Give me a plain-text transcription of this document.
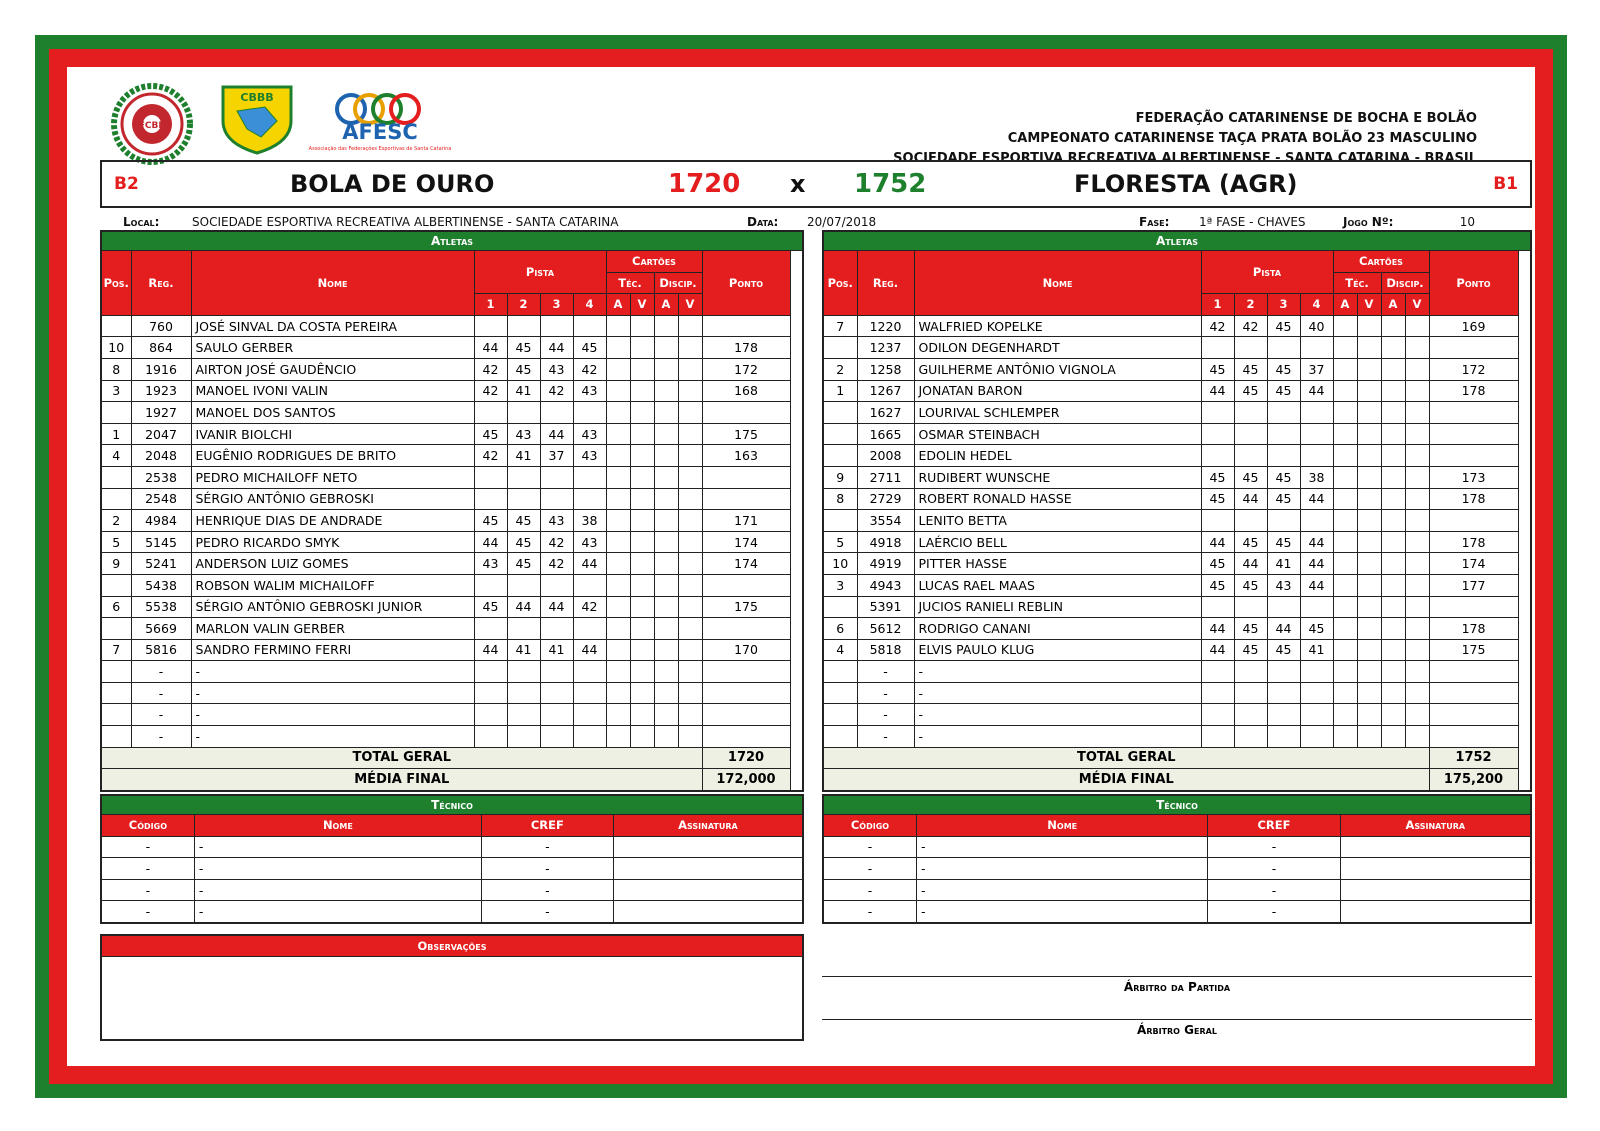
FCBB
CBBB
AFESC
Associação das Federações Esportivas de Santa Catarina
FEDERAÇÃO CATARINENSE DE BOCHA E BOLÃO
CAMPEONATO CATARINENSE TAÇA PRATA BOLÃO 23 MASCULINO
SOCIEDADE ESPORTIVA RECREATIVA ALBERTINENSE - SANTA CATARINA - BRASIL
B2	BOLA DE OURO	1720 x 1752	FLORESTA (AGR)	B1
Local:	SOCIEDADE ESPORTIVA RECREATIVA ALBERTINENSE - SANTA CATARINA	Data: 20/07/2018	Fase: 1ª FASE - CHAVES	Jogo Nº:	10
Atletas											
Pos.	Reg.	Nome	Pista				Cartões				Ponto
							Téc.		Discip.		
			1	2	3	4	A	V	A	V	
	760	JOSÉ SINVAL DA COSTA PEREIRA									
10	864	SAULO GERBER	44	45	44	45					178
8	1916	AIRTON JOSÉ GAUDÊNCIO	42	45	43	42					172
3	1923	MANOEL IVONI VALIN	42	41	42	43					168
	1927	MANOEL DOS SANTOS									
1	2047	IVANIR BIOLCHI	45	43	44	43					175
4	2048	EUGÊNIO RODRIGUES DE BRITO	42	41	37	43					163
	2538	PEDRO MICHAILOFF NETO									
	2548	SÉRGIO ANTÔNIO GEBROSKI									
2	4984	HENRIQUE DIAS DE ANDRADE	45	45	43	38					171
5	5145	PEDRO RICARDO SMYK	44	45	42	43					174
9	5241	ANDERSON LUIZ GOMES	43	45	42	44					174
	5438	ROBSON WALIM MICHAILOFF									
6	5538	SÉRGIO ANTÔNIO GEBROSKI JUNIOR	45	44	44	42					175
	5669	MARLON VALIN GERBER									
7	5816	SANDRO FERMINO FERRI	44	41	41	44					170
	-	-									
	-	-									
	-	-									
	-	-									
TOTAL GERAL											1720
MÉDIA FINAL											172,000
Atletas											
Pos.	Reg.	Nome	Pista				Cartões				Ponto
							Téc.		Discip.		
			1	2	3	4	A	V	A	V	
7	1220	WALFRIED KOPELKE	42	42	45	40					169
	1237	ODILON DEGENHARDT									
2	1258	GUILHERME ANTÔNIO VIGNOLA	45	45	45	37					172
1	1267	JONATAN BARON	44	45	45	44					178
	1627	LOURIVAL SCHLEMPER									
	1665	OSMAR STEINBACH									
	2008	EDOLIN HEDEL									
9	2711	RUDIBERT WUNSCHE	45	45	45	38					173
8	2729	ROBERT RONALD HASSE	45	44	45	44					178
	3554	LENITO BETTA									
5	4918	LAÉRCIO BELL	44	45	45	44					178
10	4919	PITTER HASSE	45	44	41	44					174
3	4943	LUCAS RAEL MAAS	45	45	43	44					177
	5391	JUCIOS RANIELI REBLIN									
6	5612	RODRIGO CANANI	44	45	44	45					178
4	5818	ELVIS PAULO KLUG	44	45	45	41					175
	-	-									
	-	-									
	-	-									
	-	-									
TOTAL GERAL											1752
MÉDIA FINAL											175,200
Técnico			
Código	Nome	CREF	Assinatura
-	-	-	
-	-	-	
-	-	-	
-	-	-	
Técnico			
Código	Nome	CREF	Assinatura
-	-	-	
-	-	-	
-	-	-	
-	-	-	
Observações
Árbitro da Partida
Árbitro Geral
